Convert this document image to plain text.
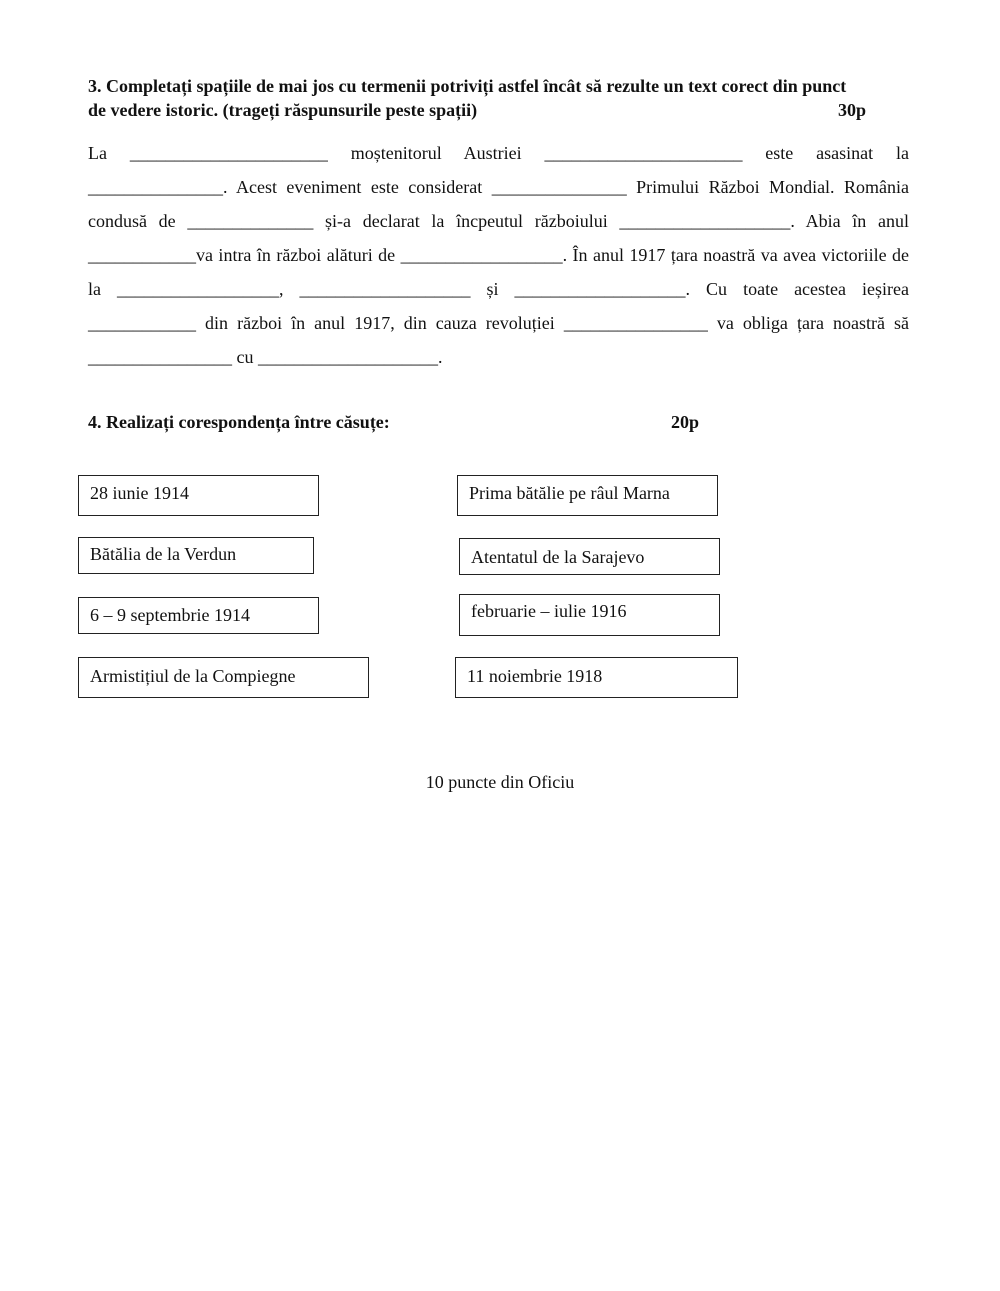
3. Completați spațiile de mai jos cu termenii potriviți astfel încât să rezulte un text corect din punct de vedere istoric. (trageți răspunsurile peste spații)	30p
La ______________________ moștenitorul Austriei ______________________ este asasinat la _______________. Acest eveniment este considerat _______________ Primului Război Mondial. România condusă de ______________ și-a declarat la încpeutul războiului ___________________. Abia în anul ____________va intra în război alături de __________________. În anul 1917 țara noastră va avea victoriile de la __________________, ___________________ și ___________________. Cu toate acestea ieșirea ____________ din război în anul 1917, din cauza revoluției ________________ va obliga țara noastră să ________________ cu ____________________.
4. Realizați corespondența între căsuțe:	20p
28 iunie 1914
Bătălia de la Verdun
6 – 9 septembrie 1914
Armistițiul de la Compiegne
Prima bătălie pe râul Marna
Atentatul de la Sarajevo
februarie – iulie 1916
11 noiembrie 1918
10 puncte din Oficiu
